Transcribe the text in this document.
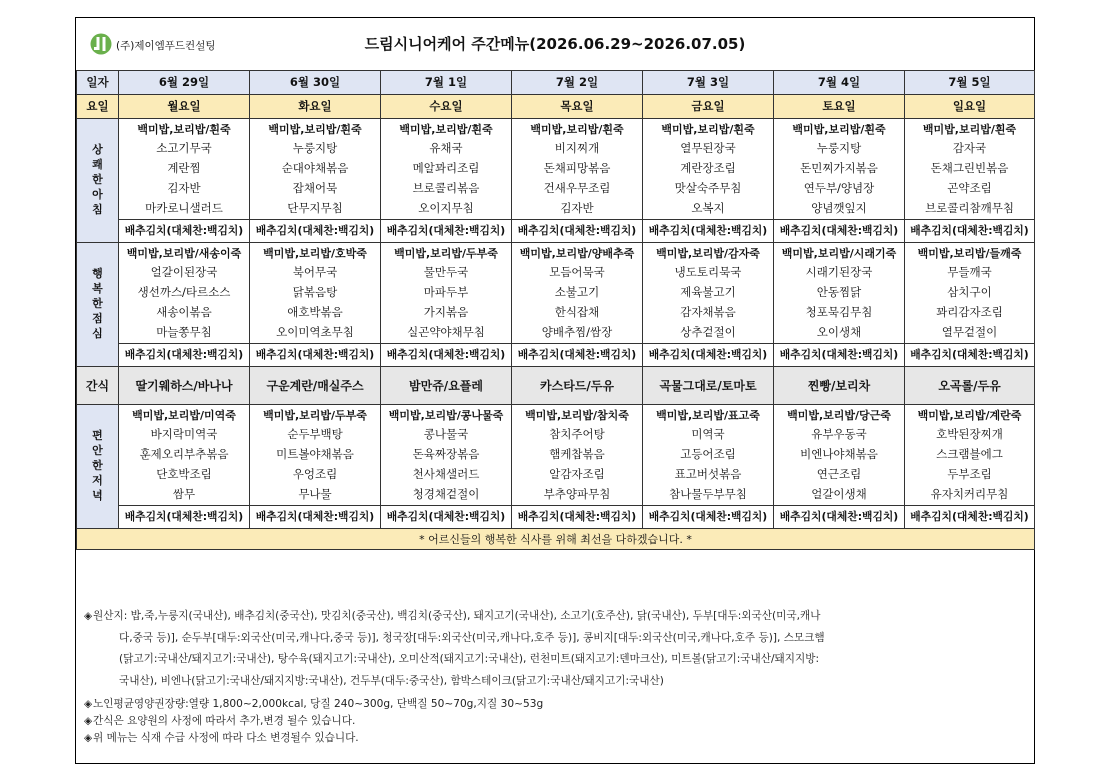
(주)제이엠푸드컨설팅	드림시니어케어 주간메뉴(2026.06.29~2026.07.05)
일자	6월 29일	6월 30일	7월 1일	7월 2일	7월 3일	7월 4일	7월 5일
요일	월요일	화요일	수요일	목요일	금요일	토요일	일요일

상
쾌
한
아
침	백미밥,보리밥/흰죽	백미밥,보리밥/흰죽	백미밥,보리밥/흰죽	백미밥,보리밥/흰죽	백미밥,보리밥/흰죽	백미밥,보리밥/흰죽	백미밥,보리밥/흰죽
	소고기무국	누룽지탕	유채국	비지찌개	열무된장국	누룽지탕	감자국
	계란찜	순대야채볶음	메알꽈리조림	돈채피망볶음	계란장조림	돈민찌가지볶음	돈채그린빈볶음
	김자반	잡채어묵	브로콜리볶음	건새우무조림	맛살숙주무침	연두부/양념장	곤약조림
	마카로니샐러드	단무지무침	오이지무침	김자반	오복지	양념깻잎지	브로콜리참깨무침
	배추김치(대체찬:백김치)	배추김치(대체찬:백김치)	배추김치(대체찬:백김치)	배추김치(대체찬:백김치)	배추김치(대체찬:백김치)	배추김치(대체찬:백김치)	배추김치(대체찬:백김치)

행
복
한
점
심	백미밥,보리밥/새송이죽	백미밥,보리밥/호박죽	백미밥,보리밥/두부죽	백미밥,보리밥/양배추죽	백미밥,보리밥/감자죽	백미밥,보리밥/시래기죽	백미밥,보리밥/들깨죽
	얼갈이된장국	북어무국	물만두국	모듬어묵국	냉도토리묵국	시래기된장국	무들깨국
	생선까스/타르소스	닭볶음탕	마파두부	소불고기	제육불고기	안동찜닭	삼치구이
	새송이볶음	애호박볶음	가지볶음	한식잡채	감자채볶음	청포묵김무침	꽈리감자조림
	마늘쫑무침	오이미역초무침	실곤약야채무침	양배추찜/쌈장	상추겉절이	오이생채	열무겉절이
	배추김치(대체찬:백김치)	배추김치(대체찬:백김치)	배추김치(대체찬:백김치)	배추김치(대체찬:백김치)	배추김치(대체찬:백김치)	배추김치(대체찬:백김치)	배추김치(대체찬:백김치)
간식	딸기웨하스/바나나	구운계란/매실주스	밤만쥬/요플레	카스타드/두유	곡물그대로/토마토	찐빵/보리차	오곡롤/두유

편
안
한
저
녁	백미밥,보리밥/미역죽	백미밥,보리밥/두부죽	백미밥,보리밥/콩나물죽	백미밥,보리밥/참치죽	백미밥,보리밥/표고죽	백미밥,보리밥/당근죽	백미밥,보리밥/계란죽
	바지락미역국	순두부백탕	콩나물국	참치주어탕	미역국	유부우동국	호박된장찌개
	훈제오리부추볶음	미트볼야채볶음	돈육짜장볶음	햄케찹볶음	고등어조림	비엔나야채볶음	스크램블에그
	단호박조림	우엉조림	천사채샐러드	알감자조림	표고버섯볶음	연근조림	두부조림
	쌈무	무나물	청경채겉절이	부추양파무침	참나물두부무침	얼갈이생채	유자치커리무침
	배추김치(대체찬:백김치)	배추김치(대체찬:백김치)	배추김치(대체찬:백김치)	배추김치(대체찬:백김치)	배추김치(대체찬:백김치)	배추김치(대체찬:백김치)	배추김치(대체찬:백김치)
* 어르신들의 행복한 식사를 위해 최선을 다하겠습니다. *							
◈ 원산지: 밥,죽,누룽지(국내산), 배추김치(중국산), 맛김치(중국산), 백김치(중국산), 돼지고기(국내산), 소고기(호주산), 닭(국내산), 두부[대두:외국산(미국,캐나
다,중국 등)], 순두부[대두:외국산(미국,캐나다,중국 등)], 청국장[대두:외국산(미국,캐나다,호주 등)], 콩비지[대두:외국산(미국,캐나다,호주 등)], 스모크햄
(닭고기:국내산/돼지고기:국내산), 탕수육(돼지고기:국내산), 오미산적(돼지고기:국내산), 런천미트(돼지고기:덴마크산), 미트볼(닭고기:국내산/돼지지방:
국내산), 비엔나(닭고기:국내산/돼지지방:국내산), 건두부(대두:중국산), 함박스테이크(닭고기:국내산/돼지고기:국내산)
◈ 노인평균영양권장량:열량 1,800~2,000kcal, 당질 240~300g, 단백질 50~70g,지질 30~53g
◈ 간식은 요양원의 사정에 따라서 추가,변경 될수 있습니다.
◈ 위 메뉴는 식재 수급 사정에 따라 다소 변경될수 있습니다.
